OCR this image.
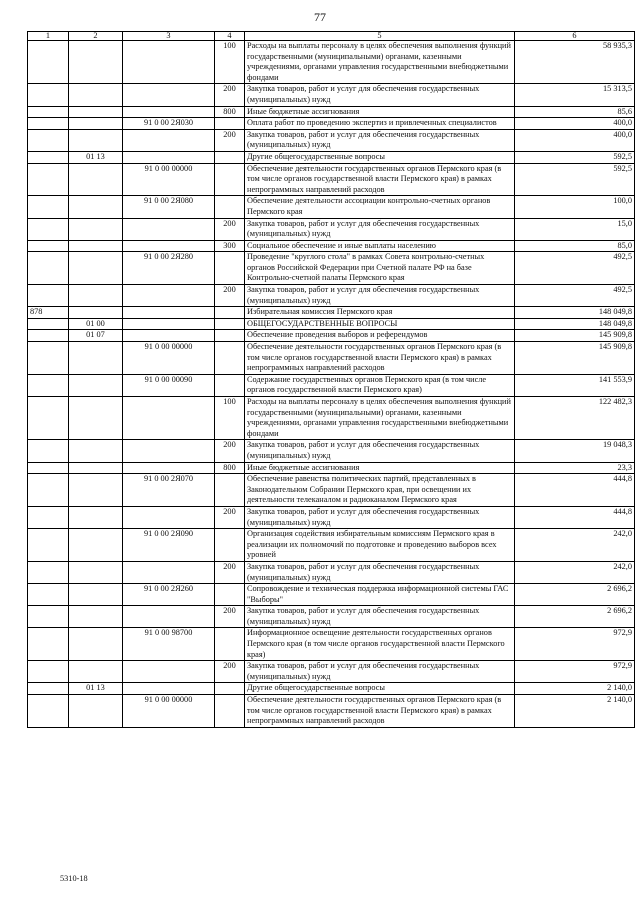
77
1	2	3	4	5	6
			100	Расходы на выплаты персоналу в целях обеспечения выполнения функций государственными (муниципальными) органами, казенными учреждениями, органами управления государственными внебюджетными фондами	58 935,3
			200	Закупка товаров, работ и услуг для обеспечения государственных (муниципальных) нужд	15 313,5
			800	Иные бюджетные ассигнования	85,6
		91 0 00 2Я030		Оплата работ по проведению экспертиз и привлеченных специалистов	400,0
			200	Закупка товаров, работ и услуг для обеспечения государственных (муниципальных) нужд	400,0
	01 13			Другие общегосударственные вопросы	592,5
		91 0 00 00000		Обеспечение деятельности государственных органов Пермского края (в том числе органов государственной власти Пермского края) в рамках непрограммных направлений расходов	592,5
		91 0 00 2Я080		Обеспечение деятельности ассоциации контрольно-счетных органов Пермского края	100,0
			200	Закупка товаров, работ и услуг для обеспечения государственных (муниципальных) нужд	15,0
			300	Социальное обеспечение и иные выплаты населению	85,0
		91 0 00 2Я280		Проведение "круглого стола" в рамках Совета контрольно-счетных органов Российской Федерации при Счетной палате РФ на базе Контрольно-счетной палаты Пермского края	492,5
			200	Закупка товаров, работ и услуг для обеспечения государственных (муниципальных) нужд	492,5
878				Избирательная комиссия Пермского края	148 049,8
	01 00			ОБЩЕГОСУДАРСТВЕННЫЕ ВОПРОСЫ	148 049,8
	01 07			Обеспечение проведения выборов и референдумов	145 909,8
		91 0 00 00000		Обеспечение деятельности государственных органов Пермского края (в том числе органов государственной власти Пермского края) в рамках непрограммных направлений расходов	145 909,8
		91 0 00 00090		Содержание государственных органов Пермского края (в том числе органов государственной власти Пермского края)	141 553,9
			100	Расходы на выплаты персоналу в целях обеспечения выполнения функций государственными (муниципальными) органами, казенными учреждениями, органами управления государственными внебюджетными фондами	122 482,3
			200	Закупка товаров, работ и услуг для обеспечения государственных (муниципальных) нужд	19 048,3
			800	Иные бюджетные ассигнования	23,3
		91 0 00 2Я070		Обеспечение равенства политических партий, представленных в Законодательном Собрании Пермского края, при освещении их деятельности телеканалом и радиоканалом Пермского края	444,8
			200	Закупка товаров, работ и услуг для обеспечения государственных (муниципальных) нужд	444,8
		91 0 00 2Я090		Организация содействия избирательным комиссиям Пермского края в реализации их полномочий по подготовке и проведению выборов всех уровней	242,0
			200	Закупка товаров, работ и услуг для обеспечения государственных (муниципальных) нужд	242,0
		91 0 00 2Я260		Сопровождение и техническая поддержка информационной системы ГАС "Выборы"	2 696,2
			200	Закупка товаров, работ и услуг для обеспечения государственных (муниципальных) нужд	2 696,2
		91 0 00 98700		Информационное освещение деятельности государственных органов Пермского края (в том числе органов государственной власти Пермского края)	972,9
			200	Закупка товаров, работ и услуг для обеспечения государственных (муниципальных) нужд	972,9
	01 13			Другие общегосударственные вопросы	2 140,0
		91 0 00 00000		Обеспечение деятельности государственных органов Пермского края (в том числе органов государственной власти Пермского края) в рамках непрограммных направлений расходов	2 140,0
5310-18
